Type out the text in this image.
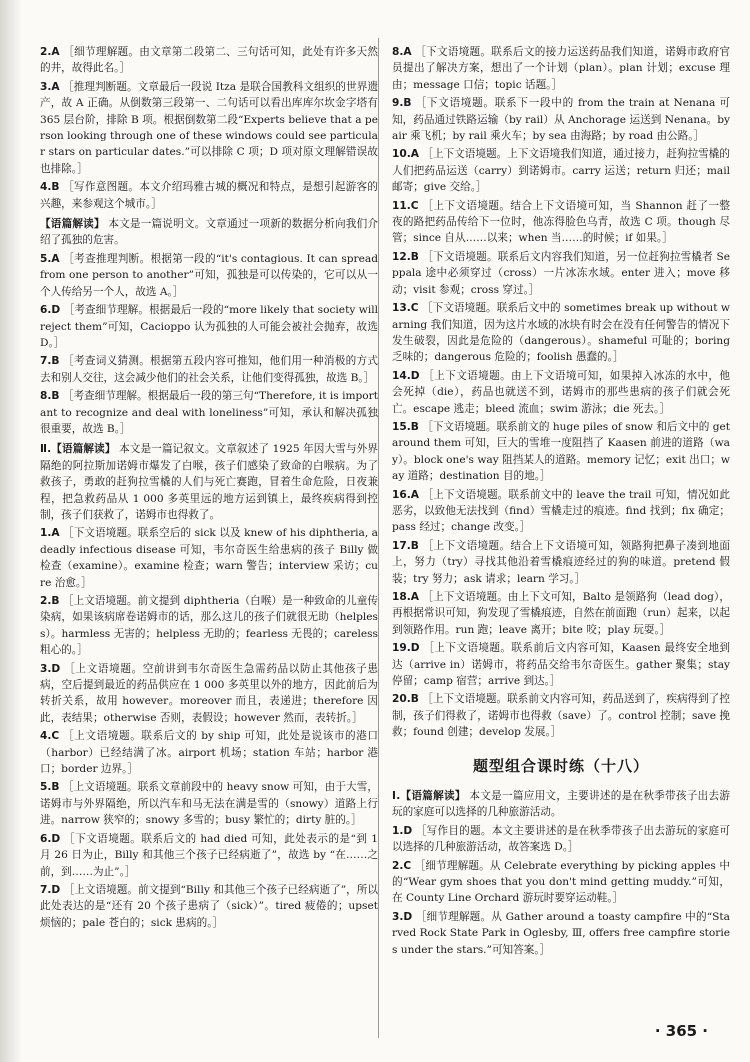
2.A ［细节理解题。由文章第二段第二、三句话可知，此处有许多天然的井，故得此名。］
3.A ［推理判断题。文章最后一段说 Itza 是联合国教科文组织的世界遗产，故 A 正确。从倒数第三段第一、二句话可以看出库库尔坎金字塔有 365 层台阶，排除 B 项。根据倒数第二段“Experts believe that a person looking through one of these windows could see particular stars on particular dates.”可以排除 C 项；D 项对原文理解错误故也排除。］
4.B ［写作意图题。本文介绍玛雅古城的概况和特点，是想引起游客的兴趣，来参观这个城市。］
【语篇解读】 本文是一篇说明文。文章通过一项新的数据分析向我们介绍了孤独的危害。
5.A ［考查推理判断。根据第一段的“it's contagious. It can spread from one person to another”可知，孤独是可以传染的，它可以从一个人传给另一个人，故选 A。］
6.D ［考查细节理解。根据最后一段的“more likely that society will reject them”可知，Cacioppo 认为孤独的人可能会被社会抛弃，故选 D。］
7.B ［考查词义猜测。根据第五段内容可推知，他们用一种消极的方式去和别人交往，这会减少他们的社会关系，让他们变得孤独，故选 B。］
8.B ［考查细节理解。根据最后一段的第三句“Therefore, it is important to recognize and deal with loneliness”可知，承认和解决孤独很重要，故选 B。］
Ⅱ.【语篇解读】 本文是一篇记叙文。文章叙述了 1925 年因大雪与外界隔绝的阿拉斯加诺姆市爆发了白喉，孩子们感染了致命的白喉病。为了救孩子，勇敢的赶狗拉雪橇的人们与死亡赛跑，冒着生命危险，日夜兼程，把急救药品从 1 000 多英里远的地方运到镇上，最终疾病得到控制，孩子们获救了，诺姆市也得救了。
1.A ［下文语境题。联系空后的 sick 以及 knew of his diphtheria, a deadly infectious disease 可知，韦尔奇医生给患病的孩子 Billy 做检查（examine）。examine 检查；warn 警告；interview 采访；cure 治愈。］
2.B ［上文语境题。前文提到 diphtheria（白喉）是一种致命的儿童传染病，如果该病席卷诺姆市的话，那么这儿的孩子们就很无助（helpless）。harmless 无害的；helpless 无助的；fearless 无畏的；careless 粗心的。］
3.D ［上文语境题。空前讲到韦尔奇医生急需药品以防止其他孩子患病，空后提到最近的药品供应在 1 000 多英里以外的地方，因此前后为转折关系，故用 however。moreover 而且，表递进；therefore 因此，表结果；otherwise 否则，表假设；however 然而，表转折。］
4.C ［上文语境题。联系后文的 by ship 可知，此处是说该市的港口（harbor）已经结满了冰。airport 机场；station 车站；harbor 港口；border 边界。］
5.B ［上文语境题。联系文章前段中的 heavy snow 可知，由于大雪，诺姆市与外界隔绝，所以汽车和马无法在满是雪的（snowy）道路上行进。narrow 狭窄的；snowy 多雪的；busy 繁忙的；dirty 脏的。］
6.D ［下文语境题。联系后文的 had died 可知，此处表示的是“到 1 月 26 日为止，Billy 和其他三个孩子已经病逝了”，故选 by “在……之前，到……为止”。］
7.D ［上文语境题。前文提到“Billy 和其他三个孩子已经病逝了”，所以此处表达的是“还有 20 个孩子患病了（sick）”。tired 疲倦的；upset 烦恼的；pale 苍白的；sick 患病的。］
8.A ［下文语境题。联系后文的接力运送药品我们知道，诺姆市政府官员提出了解决方案，想出了一个计划（plan）。plan 计划；excuse 理由；message 口信；topic 话题。］
9.B ［下文语境题。联系下一段中的 from the train at Nenana 可知，药品通过铁路运输（by rail）从 Anchorage 运送到 Nenana。by air 乘飞机；by rail 乘火车；by sea 由海路；by road 由公路。］
10.A ［上下文语境题。上下文语境我们知道，通过接力，赶狗拉雪橇的人们把药品运送（carry）到诺姆市。carry 运送；return 归还；mail 邮寄；give 交给。］
11.C ［上下文语境题。结合上下文语境可知，当 Shannon 赶了一整夜的路把药品传给下一位时，他冻得脸色乌青，故选 C 项。though 尽管；since 自从……以来；when 当……的时候；if 如果。］
12.B ［下文语境题。联系后文内容我们知道，另一位赶狗拉雪橇者 Seppala 途中必须穿过（cross）一片冰冻水域。enter 进入；move 移动；visit 参观；cross 穿过。］
13.C ［下文语境题。联系后文中的 sometimes break up without warning 我们知道，因为这片水域的冰块有时会在没有任何警告的情况下发生破裂，因此是危险的（dangerous）。shameful 可耻的；boring 乏味的；dangerous 危险的；foolish 愚蠢的。］
14.D ［上下文语境题。由上下文语境可知，如果掉入冰冻的水中，他会死掉（die），药品也就送不到，诺姆市的那些患病的孩子们就会死亡。escape 逃走；bleed 流血；swim 游泳；die 死去。］
15.B ［下文语境题。联系前文的 huge piles of snow 和后文中的 get around them 可知，巨大的雪堆一度阻挡了 Kaasen 前进的道路（way）。block one's way 阻挡某人的道路。memory 记忆；exit 出口；way 道路；destination 目的地。］
16.A ［上下文语境题。联系前文中的 leave the trail 可知，情况如此恶劣，以致他无法找到（find）雪橇走过的痕迹。find 找到；fix 确定；pass 经过；change 改变。］
17.B ［上下文语境题。结合上下文语境可知，领路狗把鼻子凑到地面上，努力（try）寻找其他沿着雪橇痕迹经过的狗的味道。pretend 假装；try 努力；ask 请求；learn 学习。］
18.A ［上下文语境题。由上下文可知，Balto 是领路狗（lead dog），再根据常识可知，狗发现了雪橇痕迹，自然在前面跑（run）起来，以起到领路作用。run 跑；leave 离开；bite 咬；play 玩耍。］
19.D ［上下文语境题。联系前后文内容可知，Kaasen 最终安全地到达（arrive in）诺姆市，将药品交给韦尔奇医生。gather 聚集；stay 停留；camp 宿营；arrive 到达。］
20.B ［上下文语境题。联系前文内容可知，药品送到了，疾病得到了控制，孩子们得救了，诺姆市也得救（save）了。control 控制；save 挽救；found 创建；develop 发展。］
题型组合课时练（十八）
Ⅰ.【语篇解读】 本文是一篇应用文，主要讲述的是在秋季带孩子出去游玩的家庭可以选择的几种旅游活动。
1.D ［写作目的题。本文主要讲述的是在秋季带孩子出去游玩的家庭可以选择的几种旅游活动，故答案选 D。］
2.C ［细节理解题。从 Celebrate everything by picking apples 中的“Wear gym shoes that you don't mind getting muddy.”可知，在 County Line Orchard 游玩时要穿运动鞋。］
3.D ［细节理解题。从 Gather around a toasty campfire 中的“Starved Rock State Park in Oglesby, Ⅲ, offers free campfire stories under the stars.”可知答案。］
· 365 ·
